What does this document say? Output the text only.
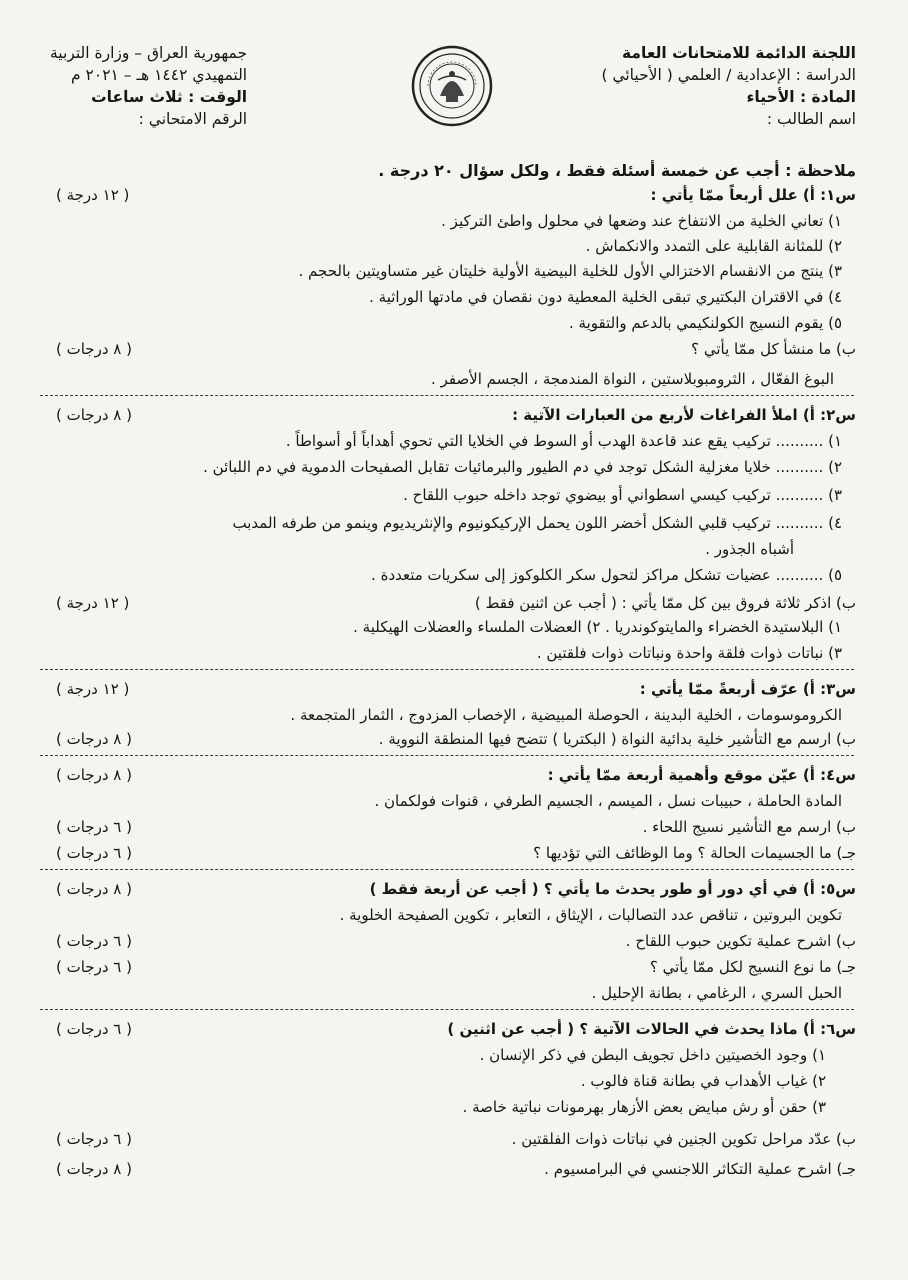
اللجنة الدائمة للامتحانات العامة
الدراسة : الإعدادية / العلمي ( الأحيائي )
المادة : الأحياء
اسم الطالب :
جمهورية العراق – وزارة التربية
التمهيدي ١٤٤٢ هـ – ٢٠٢١ م
الوقت : ثلاث ساعات
الرقم الامتحاني :
ملاحظة : أجب عن خمسة أسئلة فقط ، ولكل سؤال ٢٠ درجة .
س١: أ) علل أربعاً ممّا يأتي :
( ١٢ درجة )
١) تعاني الخلية من الانتفاخ عند وضعها في محلول واطئ التركيز .
٢) للمثانة القابلية على التمدد والانكماش .
٣) ينتج من الانقسام الاختزالي الأول للخلية البيضية الأولية خليتان غير متساويتين بالحجم .
٤) في الاقتران البكتيري تبقى الخلية المعطية دون نقصان في مادتها الوراثية .
٥) يقوم النسيج الكولنكيمي بالدعم والتقوية .
ب) ما منشأ كل ممّا يأتي ؟
( ٨ درجات )
البوغ الفعّال ، الثرومبوبلاستين ، النواة المندمجة ، الجسم الأصفر .
س٢: أ) املأ الفراغات لأربع من العبارات الآتية :
( ٨ درجات )
١) .......... تركيب يقع عند قاعدة الهدب أو السوط في الخلايا التي تحوي أهداباً أو أسواطاً .
٢) .......... خلايا مغزلية الشكل توجد في دم الطيور والبرمائيات تقابل الصفيحات الدموية في دم اللبائن .
٣) .......... تركيب كيسي اسطواني أو بيضوي توجد داخله حبوب اللقاح .
٤) .......... تركيب قلبي الشكل أخضر اللون يحمل الإركيكونيوم والإنثريديوم وينمو من طرفه المدبب
أشباه الجذور .
٥) .......... عضيات تشكل مراكز لتحول سكر الكلوكوز إلى سكريات متعددة .
ب) اذكر ثلاثة فروق بين كل ممّا يأتي : ( أجب عن اثنين فقط )
( ١٢ درجة )
١) البلاستيدة الخضراء والمايتوكوندريا . ٢) العضلات الملساء والعضلات الهيكلية .
٣) نباتات ذوات فلقة واحدة ونباتات ذوات فلقتين .
س٣: أ) عرّف أربعةً ممّا يأتي :
( ١٢ درجة )
الكروموسومات ، الخلية البدينة ، الحوصلة المبيضية ، الإخصاب المزدوج ، الثمار المتجمعة .
ب) ارسم مع التأشير خلية بدائية النواة ( البكتريا ) تتضح فيها المنطقة النووية .
( ٨ درجات )
س٤: أ) عيّن موقع وأهمية أربعة ممّا يأتي :
( ٨ درجات )
المادة الحاملة ، حبيبات نسل ، الميسم ، الجسيم الطرفي ، قنوات فولكمان .
ب) ارسم مع التأشير نسيج اللحاء .
( ٦ درجات )
جـ) ما الجسيمات الحالة ؟ وما الوظائف التي تؤديها ؟
( ٦ درجات )
س٥: أ) في أي دور أو طور يحدث ما يأتي ؟ ( أجب عن أربعة فقط )
( ٨ درجات )
تكوين البروتين ، تناقص عدد التصالبات ، الإيثاق ، التعابر ، تكوين الصفيحة الخلوية .
ب) اشرح عملية تكوين حبوب اللقاح .
( ٦ درجات )
جـ) ما نوع النسيج لكل ممّا يأتي ؟
( ٦ درجات )
الحبل السري ، الرغامي ، بطانة الإحليل .
س٦: أ) ماذا يحدث في الحالات الآتية ؟ ( أجب عن اثنين )
( ٦ درجات )
١) وجود الخصيتين داخل تجويف البطن في ذكر الإنسان .
٢) غياب الأهداب في بطانة قناة فالوب .
٣) حقن أو رش مبايض بعض الأزهار بهرمونات نباتية خاصة .
ب) عدّد مراحل تكوين الجنين في نباتات ذوات الفلقتين .
( ٦ درجات )
جـ) اشرح عملية التكاثر اللاجنسي في البرامسيوم .
( ٨ درجات )
